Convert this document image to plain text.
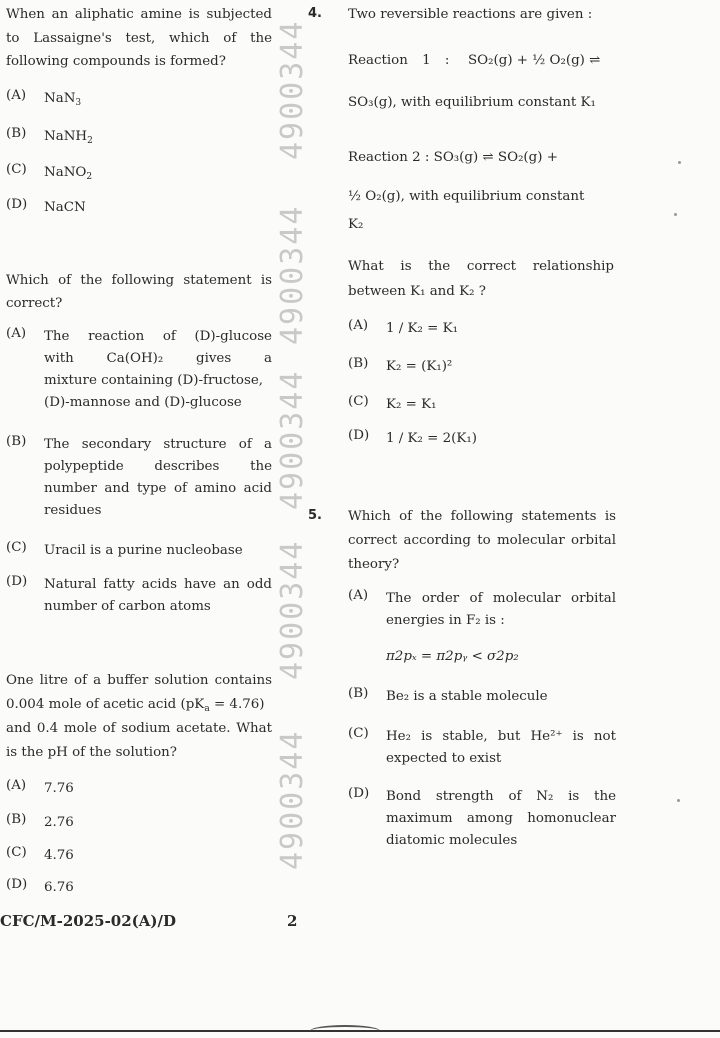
4900344
4900344
4900344
4900344
4900344
When an aliphatic amine is subjected
to Lassaigne's test, which of the
following compounds is formed?
(A) NaN$_3$
(B) NaNH$_2$
(C) NaNO$_2$
(D) NaCN
Which of the following statement is
correct?
(A) The reaction of (D)-glucose
with Ca(OH)₂ gives a
mixture containing (D)-fructose,
(D)-mannose and (D)-glucose
(B) The secondary structure of a
polypeptide describes the
number and type of amino acid
residues
(C) Uracil is a purine nucleobase
(D) Natural fatty acids have an odd
number of carbon atoms
One litre of a buffer solution contains
0.004 mole of acetic acid $(pK_a = 4.76)$
and 0.4 mole of sodium acetate. What
is the pH of the solution?
(A) 7.76
(B) 2.76
(C) 4.76
(D) 6.76
4. Two reversible reactions are given :
Reaction 1 : SO₂(g) + ½ O₂(g) ⇌
SO₃(g), with equilibrium constant K₁
Reaction 2 : SO₃(g) ⇌ SO₂(g) +
½ O₂(g), with equilibrium constant
K₂
What is the correct relationship
between K₁ and K₂ ?
(A) 1 / K₂ = K₁
(B) K₂ = (K₁)²
(C) K₂ = K₁
(D) 1 / K₂ = 2(K₁)
5. Which of the following statements is
correct according to molecular orbital
theory?
(A) The order of molecular orbital
energies in F₂ is :
π2pₓ = π2pᵧ < σ2p₂
(B) Be₂ is a stable molecule
(C) He₂ is stable, but He²⁺ is not
expected to exist
(D) Bond strength of N₂ is the
maximum among homonuclear
diatomic molecules
CFC/M-2025-02(A)/D	2
